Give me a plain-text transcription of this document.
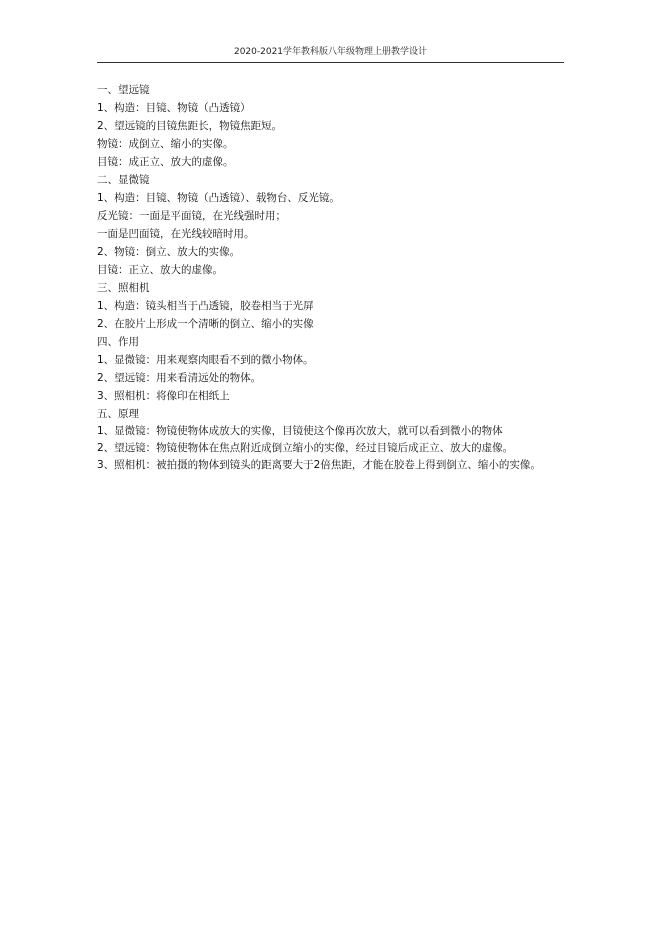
2020-2021学年教科版八年级物理上册教学设计
一、望远镜
1、构造：目镜、物镜（凸透镜）
2、望远镜的目镜焦距长，物镜焦距短。
物镜：成倒立、缩小的实像。
目镜：成正立、放大的虚像。
二、显微镜
1、构造：目镜、物镜（凸透镜）、载物台、反光镜。
反光镜：一面是平面镜，在光线强时用；
一面是凹面镜，在光线较暗时用。
2、物镜：倒立、放大的实像。
目镜：正立、放大的虚像。
三、照相机
1、构造：镜头相当于凸透镜，胶卷相当于光屏
2、在胶片上形成一个清晰的倒立、缩小的实像
四、作用
1、显微镜：用来观察肉眼看不到的微小物体。
2、望远镜：用来看清远处的物体。
3、照相机：将像印在相纸上
五、原理
1、显微镜：物镜使物体成放大的实像，目镜使这个像再次放大，就可以看到微小的物体
2、望远镜：物镜使物体在焦点附近成倒立缩小的实像，经过目镜后成正立、放大的虚像。
3、照相机：被拍摄的物体到镜头的距离要大于2倍焦距，才能在胶卷上得到倒立、缩小的实像。
